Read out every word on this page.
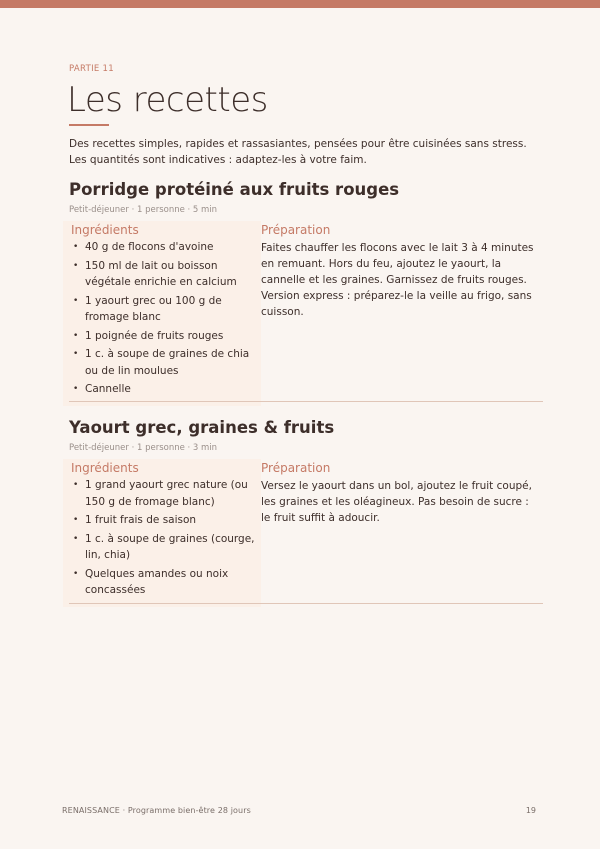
PARTIE 11
Les recettes

Des recettes simples, rapides et rassasiantes, pensées pour être cuisinées sans stress. Les quantités sont indicatives : adaptez-les à votre faim.

Porridge protéiné aux fruits rouges
Petit-déjeuner · 1 personne · 5 min
Ingrédients
• 40 g de flocons d'avoine
• 150 ml de lait ou boisson végétale enrichie en calcium
• 1 yaourt grec ou 100 g de fromage blanc
• 1 poignée de fruits rouges
• 1 c. à soupe de graines de chia ou de lin moulues
• Cannelle
Préparation

Faites chauffer les flocons avec le lait 3 à 4 minutes en remuant. Hors du feu, ajoutez le yaourt, la cannelle et les graines. Garnissez de fruits rouges. Version express : préparez-le la veille au frigo, sans cuisson.

Yaourt grec, graines & fruits
Petit-déjeuner · 1 personne · 3 min
Ingrédients
• 1 grand yaourt grec nature (ou 150 g de fromage blanc)
• 1 fruit frais de saison
• 1 c. à soupe de graines (courge, lin, chia)
• Quelques amandes ou noix concassées
Préparation

Versez le yaourt dans un bol, ajoutez le fruit coupé, les graines et les oléagineux. Pas besoin de sucre : le fruit suffit à adoucir.

RENAISSANCE · Programme bien-être 28 jours	19
